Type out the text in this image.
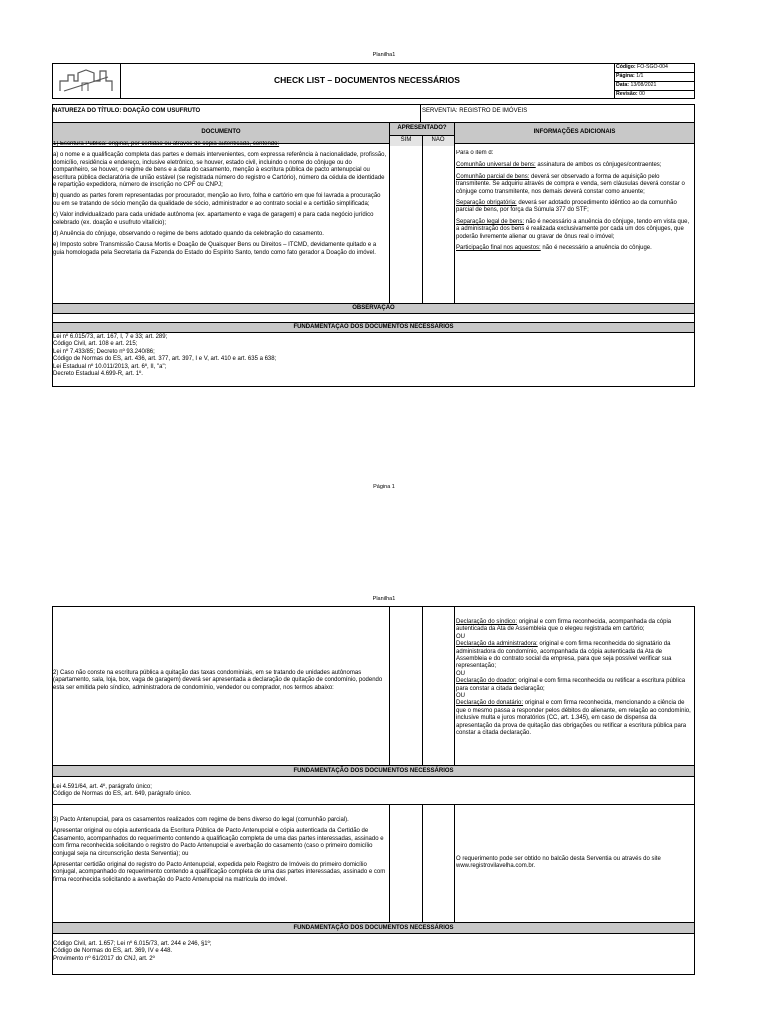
Planilha1
CHECK LIST – DOCUMENTOS NECESSÁRIOS
Código: FO-SGO-004
Página: 1/1
Data: 13/08/2021
Revisão: 00
NATUREZA DO TÍTULO: DOAÇÃO COM USUFRUTO	SERVENTIA: REGISTRO DE IMÓVEIS
DOCUMENTO
APRESENTADO?
INFORMAÇÕES ADICIONAIS
SIM	NÃO

1) Escritura Pública: original, por certidão ou através de cópia autenticada, contendo:

a) o nome e a qualificação completa das partes e demais intervenientes, com expressa referência à nacionalidade, profissão, domicílio, residência e endereço, inclusive eletrônico, se houver, estado civil, incluindo o nome do cônjuge ou do companheiro, se houver, o regime de bens e a data do casamento, menção à escritura pública de pacto antenupcial ou escritura pública declaratória de união estável (se registrada número do registro e Cartório), número da cédula de identidade e repartição expedidora, número de inscrição no CPF ou CNPJ;

b) quando as partes forem representadas por procurador, menção ao livro, folha e cartório em que foi lavrada a procuração ou em se tratando de sócio menção da qualidade de sócio, administrador e ao contrato social e a certidão simplificada;

c) Valor individualizado para cada unidade autônoma (ex. apartamento e vaga de garagem) e para cada negócio jurídico celebrado (ex. doação e usufruto vitalício);

d) Anuência do cônjuge, observando o regime de bens adotado quando da celebração do casamento.

e) Imposto sobre Transmissão Causa Mortis e Doação de Quaisquer Bens ou Direitos – ITCMD, devidamente quitado e a guia homologada pela Secretaria da Fazenda do Estado do Espírito Santo, tendo como fato gerador a Doação do imóvel.

Para o item d:

Comunhão universal de bens: assinatura de ambos os cônjuges/contraentes;

Comunhão parcial de bens: deverá ser observado a forma de aquisição pelo transmitente. Se adquiriu através de compra e venda, sem cláusulas deverá constar o cônjuge como transmitente, nos demais deverá constar como anuente;

Separação obrigatória: deverá ser adotado procedimento idêntico ao da comunhão parcial de bens, por força da Súmula 377 do STF;

Separação legal de bens: não é necessário a anuência do cônjuge, tendo em vista que, a administração dos bens é realizada exclusivamente por cada um dos cônjuges, que poderão livremente alienar ou gravar de ônus real o imóvel;

Participação final nos aquestos: não é necessário a anuência do cônjuge.

OBSERVAÇÃO
FUNDAMENTAÇÃO DOS DOCUMENTOS NECESSÁRIOS
Lei nº 6.015/73, art. 167, I, 7 e 33; art. 289;
Código Civil, art. 108 e art. 215;
Lei nº 7.433/85; Decreto nº 93.240/86;
Código de Normas do ES, art. 436, art. 377, art. 397, I e V, art. 410 e art. 635 a 638;
Lei Estadual nº 10.011/2013, art. 6º, II, "a";
Decreto Estadual 4.699-R, art. 1º.
Página 1
Planilha1
2) Caso não conste na escritura pública a quitação das taxas condominiais, em se tratando de unidades autônomas (apartamento, sala, loja, box, vaga de garagem) deverá ser apresentada a declaração de quitação de condomínio, podendo esta ser emitida pelo síndico, administradora de condomínio, vendedor ou comprador, nos termos abaixo:
Declaração do síndico: original e com firma reconhecida, acompanhada da cópia autenticada da Ata de Assembleia que o elegeu registrada em cartório;
OU
Declaração da administradora: original e com firma reconhecida do signatário da administradora do condomínio, acompanhada da cópia autenticada da Ata de Assembleia e do contrato social da empresa, para que seja possível verificar sua representação;
OU
Declaração do doador: original e com firma reconhecida ou retificar a escritura pública para constar a citada declaração;
OU
Declaração do donatário: original e com firma reconhecida, mencionando a ciência de que o mesmo passa a responder pelos débitos do alienante, em relação ao condomínio, inclusive multa e juros moratórios (CC, art. 1.345), em caso de dispensa da apresentação da prova de quitação das obrigações ou retificar a escritura pública para constar a citada declaração.
FUNDAMENTAÇÃO DOS DOCUMENTOS NECESSÁRIOS
Lei 4.591/64, art. 4º, parágrafo único;
Código de Normas do ES, art. 649, parágrafo único.

3) Pacto Antenupcial, para os casamentos realizados com regime de bens diverso do legal (comunhão parcial).

Apresentar original ou cópia autenticada da Escritura Pública de Pacto Antenupcial e cópia autenticada da Certidão de Casamento, acompanhados do requerimento contendo a qualificação completa de uma das partes interessadas, assinado e com firma reconhecida solicitando o registro do Pacto Antenupcial e averbação do casamento (caso o primeiro domicílio conjugal seja na circunscrição desta Serventia); ou

Apresentar certidão original do registro do Pacto Antenupcial, expedida pelo Registro de Imóveis do primeiro domicílio conjugal, acompanhado do requerimento contendo a qualificação completa de uma das partes interessadas, assinado e com firma reconhecida solicitando a averbação do Pacto Antenupcial na matrícula do imóvel.

O requerimento pode ser obtido no balcão desta Serventia ou através do site www.registrovilavelha.com.br.
FUNDAMENTAÇÃO DOS DOCUMENTOS NECESSÁRIOS
Código Civil, art. 1.657; Lei nº 6.015/73, art. 244 e 246, §1º;
Código de Normas do ES, art. 369, IV e 448.
Provimento nº 61/2017 do CNJ, art. 2º
